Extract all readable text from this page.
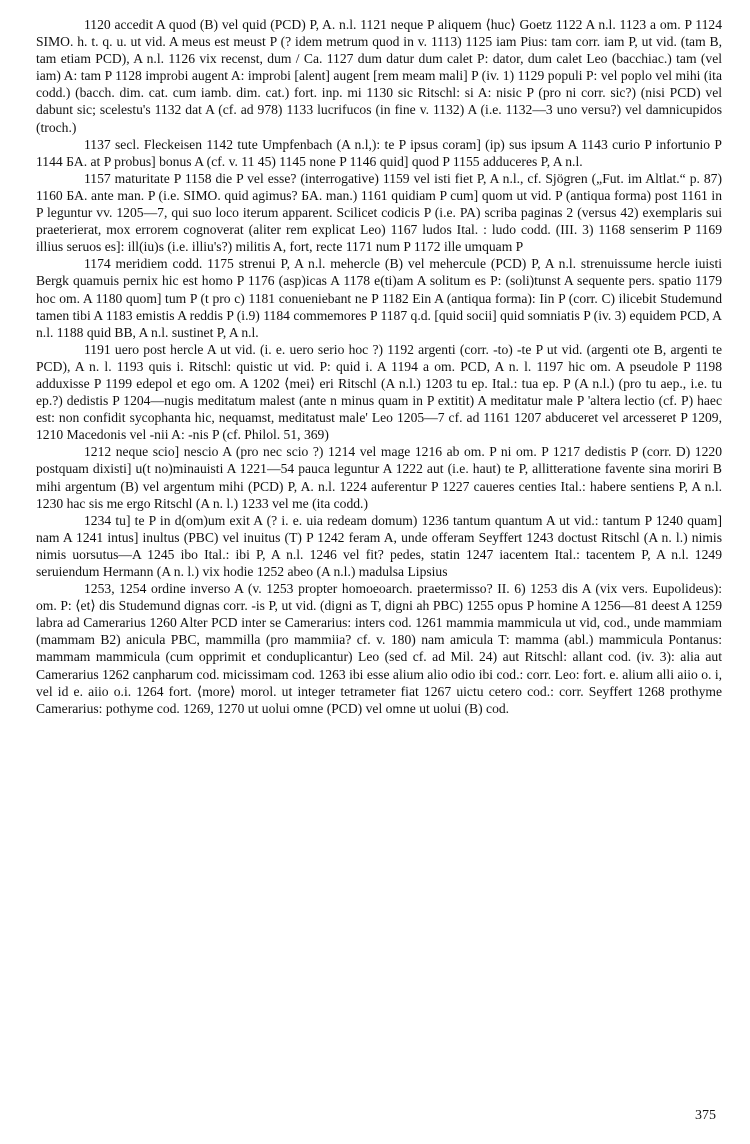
1120 accedit A quod (B) vel quid (PCD) P, A. n.l. 1121 neque P aliquem ⟨huc⟩ Goetz 1122 A n.l. 1123 a om. P 1124 SIMO. h. t. q. u. ut vid. A meus est meust P (? idem metrum quod in v. 1113) 1125 iam Pius: tam corr. iam P, ut vid. (tam B, tam etiam PCD), A n.l. 1126 vix recenst, dum / Ca. 1127 dum datur dum calet P: dator, dum calet Leo (bacchiac.) tam (vel iam) A: tam P 1128 improbi augent A: improbi [alent] augent [rem meam mali] P (iv. 1) 1129 populi P: vel poplo vel mihi (ita codd.) (bacch. dim. cat. cum iamb. dim. cat.) fort. inp. mi 1130 sic Ritschl: si A: nisic P (pro ni corr. sic?) (nisi PCD) vel dabunt sic; scelestu's 1132 dat A (cf. ad 978) 1133 lucrifucos (in fine v. 1132) A (i.e. 1132—3 uno versu?) vel damnicupidos (troch.)

1137 secl. Fleckeisen 1142 tute Umpfenbach (A n.l,): te P ipsus coram] (ip) sus ipsum A 1143 curio P infortunio P 1144 БA. at P probus] bonus A (cf. v. 11 45) 1145 none P 1146 quid] quod P 1155 adduceres P, A n.l.

1157 maturitate P 1158 die P vel esse? (interrogative) 1159 vel isti fiet P, A n.l., cf. Sjögren („Fut. im Altlat.“ p. 87) 1160 БA. ante man. P (i.e. SIMO. quid agimus? БA. man.) 1161 quidiam P cum] quom ut vid. P (antiqua forma) post 1161 in P leguntur vv. 1205—7, qui suo loco iterum apparent. Scilicet codicis P (i.e. PA) scriba paginas 2 (versus 42) exemplaris sui praeterierat, mox errorem cognoverat (aliter rem explicat Leo) 1167 ludos Ital. : ludo codd. (III. 3) 1168 senserim P 1169 illius seruos es]: ill(iu)s (i.e. illiu's?) militis A, fort, recte 1171 num P 1172 ille umquam P

1174 meridiem codd. 1175 strenui P, A n.l. mehercle (B) vel mehercule (PCD) P, A n.l. strenuissume hercle iuisti Bergk quamuis pernix hic est homo P 1176 (asp)icas A 1178 e(ti)am A solitum es P: (soli)tunst A sequente pers. spatio 1179 hoc om. A 1180 quom] tum P (t pro c) 1181 conueniebant ne P 1182 Ein A (antiqua forma): Iin P (corr. C) ilicebit Studemund tamen tibi A 1183 emistis A reddis P (i.9) 1184 commemores P 1187 q.d. [quid socii] quid somniatis P (iv. 3) equidem PCD, A n.l. 1188 quid BB, A n.l. sustinet P, A n.l.

1191 uero post hercle A ut vid. (i. e. uero serio hoc ?) 1192 argenti (corr. -to) -te P ut vid. (argenti ote B, argenti te PCD), A n. l. 1193 quis i. Ritschl: quistic ut vid. P: quid i. A 1194 a om. PCD, A n. l. 1197 hic om. A pseudole P 1198 adduxisse P 1199 edepol et ego om. A 1202 ⟨mei⟩ eri Ritschl (A n.l.) 1203 tu ep. Ital.: tua ep. P (A n.l.) (pro tu aep., i.e. tu ep.?) dedistis P 1204—nugis meditatum malest (ante n minus quam in P extitit) A meditatur male P 'altera lectio (cf. P) haec est: non confidit sycophanta hic, nequamst, meditatust male' Leo 1205—7 cf. ad 1161 1207 abduceret vel arcesseret P 1209, 1210 Macedonis vel -nii A: -nis P (cf. Philol. 51, 369)

1212 neque scio] nescio A (pro nec scio ?) 1214 vel mage 1216 ab om. P ni om. P 1217 dedistis P (corr. D) 1220 postquam dixisti] u(t no)minauisti A 1221—54 pauca leguntur A 1222 aut (i.e. haut) te P, allitteratione favente sina moriri B mihi argentum (B) vel argentum mihi (PCD) P, A. n.l. 1224 auferentur P 1227 caueres centies Ital.: habere sentiens P, A n.l. 1230 hac sis me ergo Ritschl (A n. l.) 1233 vel me (ita codd.)

1234 tu] te P in d(om)um exit A (? i. e. uia redeam domum) 1236 tantum quantum A ut vid.: tantum P 1240 quam] nam A 1241 intus] inultus (PBC) vel inuitus (T) P 1242 feram A, unde offeram Seyffert 1243 doctust Ritschl (A n. l.) nimis nimis uorsutus—A 1245 ibo Ital.: ibi P, A n.l. 1246 vel fit? pedes, statin 1247 iacentem Ital.: tacentem P, A n.l. 1249 seruiendum Hermann (A n. l.) vix hodie 1252 abeo (A n.l.) madulsa Lipsius

1253, 1254 ordine inverso A (v. 1253 propter homoeoarch. praetermisso? II. 6) 1253 dis A (vix vers. Eupolideus): om. P: ⟨et⟩ dis Studemund dignas corr. -is P, ut vid. (digni as T, digni ah PBC) 1255 opus P homine A 1256—81 deest A 1259 labra ad Camerarius 1260 Alter PCD inter se Camerarius: inters cod. 1261 mammia mammicula ut vid, cod., unde mammiam (mammam B2) anicula PBC, mammilla (pro mammiia? cf. v. 180) nam amicula T: mamma (abl.) mammicula Pontanus: mammam mammicula (cum opprimit et conduplicantur) Leo (sed cf. ad Mil. 24) aut Ritschl: allant cod. (iv. 3): alia aut Camerarius 1262 canpharum cod. micissimam cod. 1263 ibi esse alium alio odio ibi cod.: corr. Leo: fort. e. alium alli aiio o. i, vel id e. aiio o.i. 1264 fort. ⟨more⟩ morol. ut integer tetrameter fiat 1267 uictu cetero cod.: corr. Seyffert 1268 prothyme Camerarius: pothyme cod. 1269, 1270 ut uolui omne (PCD) vel omne ut uolui (B) cod.

375
